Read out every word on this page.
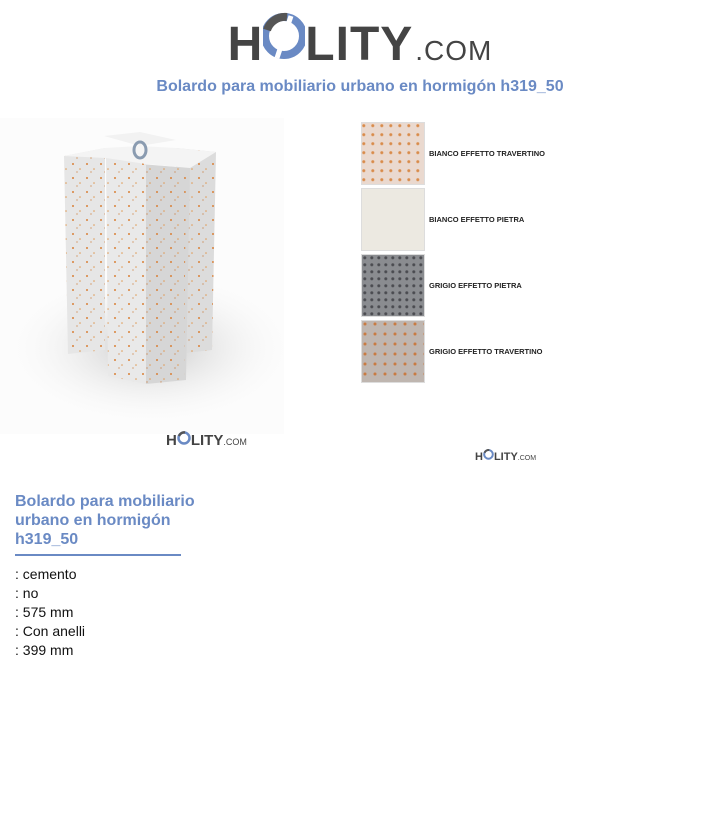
H LITY .COM
Bolardo para mobiliario urbano en hormigón h319_50
BIANCO EFFETTO TRAVERTINO
BIANCO EFFETTO PIETRA
GRIGIO EFFETTO PIETRA
GRIGIO EFFETTO TRAVERTINO
H LITY .COM
H LITY .COM
Bolardo para mobiliario urbano en hormigón h319_50
: cemento
: no
: 575 mm
: Con anelli
: 399 mm
